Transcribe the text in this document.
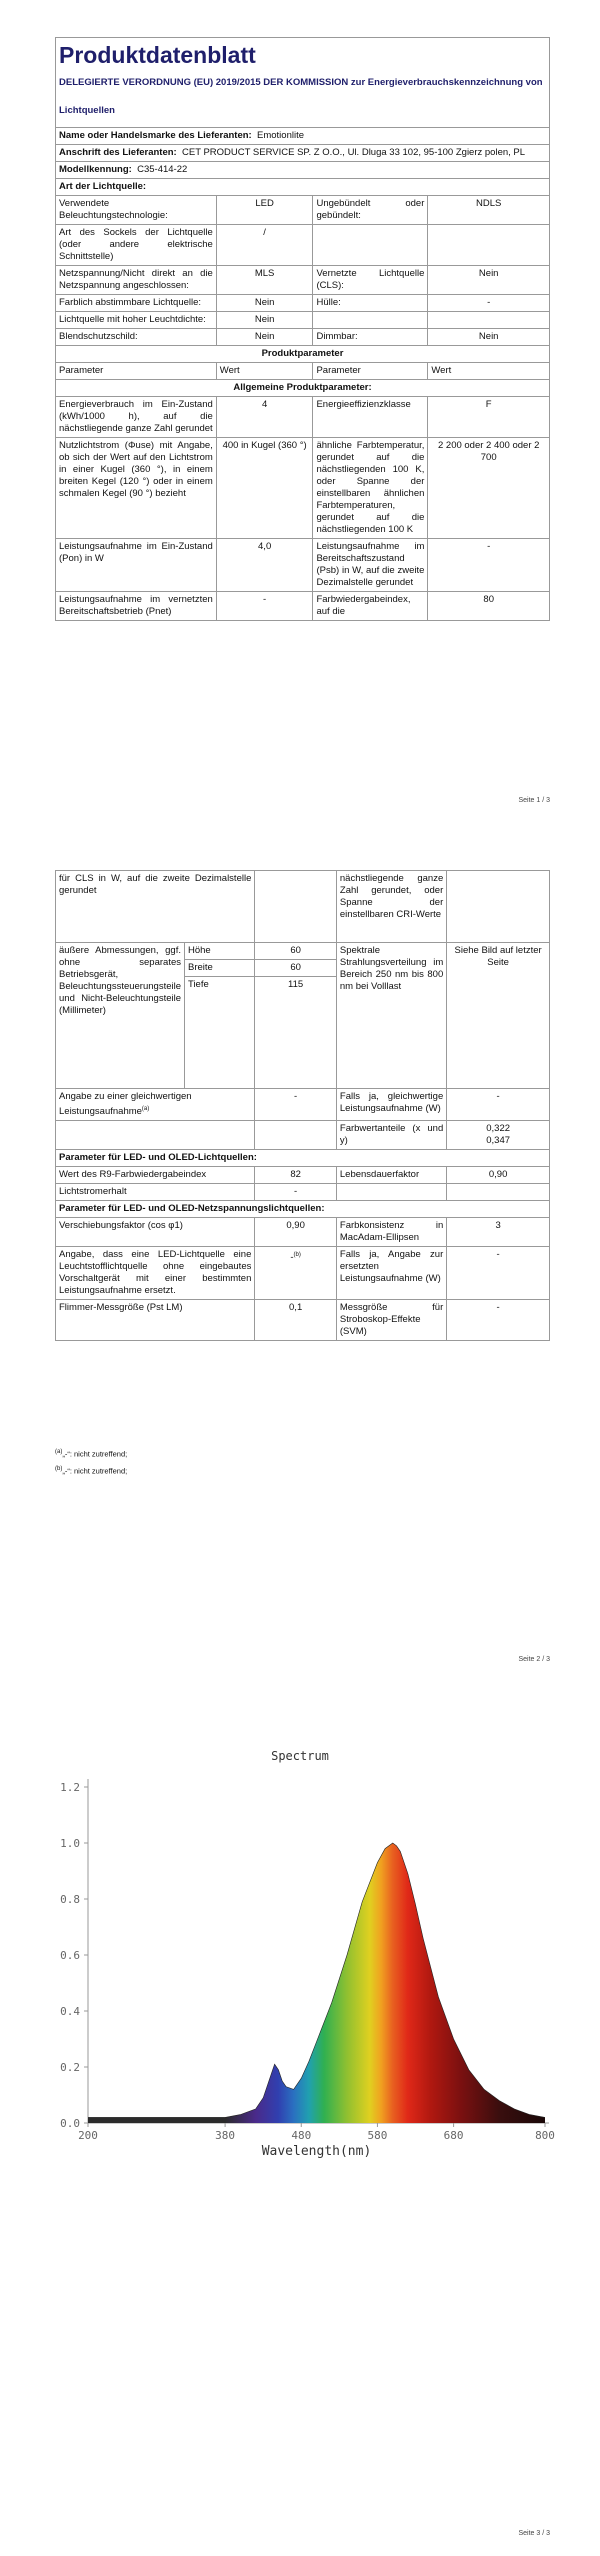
Produktdatenblatt
DELEGIERTE VERORDNUNG (EU) 2019/2015 DER KOMMISSION zur Energieverbrauchskennzeichnung von Lichtquellen			

Name oder Handelsmarke des Lieferanten: Emotionlite			
Anschrift des Lieferanten: CET PRODUCT SERVICE SP. Z O.O., Ul. Dluga 33 102, 95-100 Zgierz polen, PL			
Modellkennung: C35-414-22			
Art der Lichtquelle:			
Verwendete Beleuchtungstechnologie:	LED	Ungebündelt oder gebündelt:	NDLS
Art des Sockels der Lichtquelle (oder andere elektrische Schnittstelle)	/		
Netzspannung/Nicht direkt an die Netzspannung angeschlossen:	MLS	Vernetzte Lichtquelle (CLS):	Nein
Farblich abstimmbare Lichtquelle:	Nein	Hülle:	-
Lichtquelle mit hoher Leuchtdichte:	Nein		
Blendschutzschild:	Nein	Dimmbar:	Nein
Produktparameter			
Parameter	Wert	Parameter	Wert
Allgemeine Produktparameter:			
Energieverbrauch im Ein-Zustand (kWh/1000 h), auf die nächstliegende ganze Zahl gerundet	4	Energieeffizienzklasse	F
Nutzlichtstrom (Φuse) mit Angabe, ob sich der Wert auf den Lichtstrom in einer Kugel (360 °), in einem breiten Kegel (120 °) oder in einem schmalen Kegel (90 °) bezieht	400 in Kugel (360 °)	ähnliche Farbtemperatur, gerundet auf die nächstliegenden 100 K, oder Spanne der einstellbaren ähnlichen Farbtemperaturen, gerundet auf die nächstliegenden 100 K	2 200 oder 2 400 oder 2 700
Leistungsaufnahme im Ein-Zustand (Pon) in W	4,0	Leistungsaufnahme im Bereitschaftszustand (Psb) in W, auf die zweite Dezimalstelle gerundet	-
Leistungsaufnahme im vernetzten Bereitschaftsbetrieb (Pnet)	-	Farbwiedergabeindex, auf die	80
Seite 1 / 3
für CLS in W, auf die zweite Dezimalstelle gerundet			nächstliegende ganze Zahl gerundet, oder Spanne der einstellbaren CRI-Werte	
äußere Abmessungen, ggf. ohne separates Betriebsgerät, Beleuchtungssteuerungsteile und Nicht-Beleuchtungsteile (Millimeter)	Höhe	60	Spektrale Strahlungsverteilung im Bereich 250 nm bis 800 nm bei Volllast	Siehe Bild auf letzter Seite
	Breite	60		
	Tiefe	115		
Angabe zu einer gleichwertigen Leistungsaufnahme$^{(a)}$		-	Falls ja, gleichwertige Leistungsaufnahme (W)	-
			Farbwertanteile (x und y)	0,322
0,347

Parameter für LED- und OLED-Lichtquellen:				
Wert des R9-Farbwiedergabeindex		82	Lebensdauerfaktor	0,90
Lichtstromerhalt		-		
Parameter für LED- und OLED-Netzspannungslichtquellen:				
Verschiebungsfaktor (cos φ1)		0,90	Farbkonsistenz in MacAdam-Ellipsen	3
Angabe, dass eine LED-Lichtquelle eine Leuchtstofflichtquelle ohne eingebautes Vorschaltgerät mit einer bestimmten Leistungsaufnahme ersetzt.		-$^{(b)}$	Falls ja, Angabe zur ersetzten Leistungsaufnahme (W)	-
Flimmer-Messgröße (Pst LM)		0,1	Messgröße für Stroboskop-Effekte (SVM)	-
$^{(a)}$„-“: nicht zutreffend;
$^{(b)}$„-“: nicht zutreffend;
Seite 2 / 3
Spectrum
0.0
0.2
0.4
0.6
0.8
1.0
1.2
200	380	480	580	680	800
Wavelength(nm)
Seite 3 / 3
